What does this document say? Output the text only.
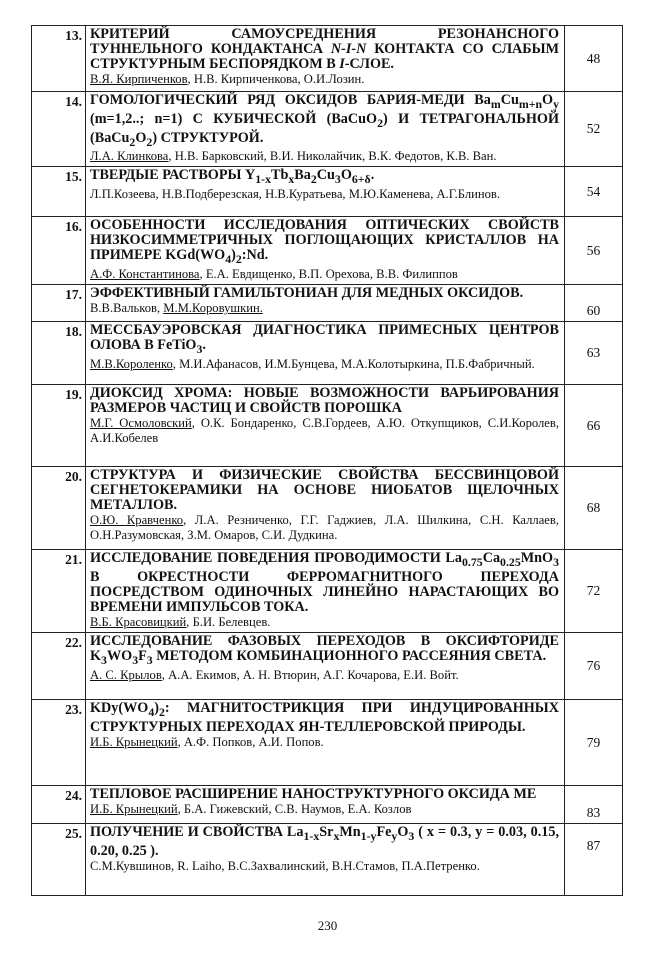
13.	КРИТЕРИЙ САМОУСРЕДНЕНИЯ РЕЗОНАНСНОГО ТУННЕЛЬНОГО КОНДАКТАНСА N-I-N КОНТАКТА СО СЛАБЫМ СТРУКТУРНЫМ БЕСПОРЯДКОМ В I-СЛОЕ.

В.Я. Кирпиченков, Н.В. Кирпиченкова, О.И.Лозин.	48
14.	ГОМОЛОГИЧЕСКИЙ РЯД ОКСИДОВ БАРИЯ-МЕДИ $Ba_mCu_{m+n}O_y$ (m=1,2..; n=1) С КУБИЧЕСКОЙ (BaCuO$_2$) И ТЕТРАГОНАЛЬНОЙ $(BaCu_2O_2)$ СТРУКТУРОЙ.

Л.А. Клинкова, Н.В. Барковский, В.И. Николайчик, В.К. Федотов, К.В. Ван.	52
15.	ТВЕРДЫЕ РАСТВОРЫ $Y_{1-x}Tb_xBa_2Cu_3O_{6+\delta}$.

Л.П.Козеева, Н.В.Подберезская, Н.В.Куратьева, М.Ю.Каменева, А.Г.Блинов.	54
16.	ОСОБЕННОСТИ ИССЛЕДОВАНИЯ ОПТИЧЕСКИХ СВОЙСТВ НИЗКОСИММЕТРИЧНЫХ ПОГЛОЩАЮЩИХ КРИСТАЛЛОВ НА ПРИМЕРЕ $KGd(WO_4)_2:Nd$.

А.Ф. Константинова, Е.А. Евдищенко, В.П. Орехова, В.В. Филиппов	56
17.	ЭФФЕКТИВНЫЙ ГАМИЛЬТОНИАН ДЛЯ МЕДНЫХ ОКСИДОВ.

В.В.Вальков, М.М.Коровушкин.	60
18.	МЕССБАУЭРОВСКАЯ ДИАГНОСТИКА ПРИМЕСНЫХ ЦЕНТРОВ ОЛОВА В FeTiO$_3$.

М.В.Короленко, М.И.Афанасов, И.М.Бунцева, М.А.Колотыркина, П.Б.Фабричный.	63
19.	ДИОКСИД ХРОМА: НОВЫЕ ВОЗМОЖНОСТИ ВАРЬИРОВАНИЯ РАЗМЕРОВ ЧАСТИЦ И СВОЙСТВ ПОРОШКА

М.Г. Осмоловский, О.К. Бондаренко, С.В.Гордеев, А.Ю. Откупщиков, С.И.Королев, А.И.Кобелев	66
20.	СТРУКТУРА И ФИЗИЧЕСКИЕ СВОЙСТВА БЕССВИНЦОВОЙ СЕГНЕТОКЕРАМИКИ НА ОСНОВЕ НИОБАТОВ ЩЕЛОЧНЫХ МЕТАЛЛОВ.

О.Ю. Кравченко, Л.А. Резниченко, Г.Г. Гаджиев, Л.А. Шилкина, С.Н. Каллаев, О.Н.Разумовская, З.М. Омаров, С.И. Дудкина.	68
21.	ИССЛЕДОВАНИЕ ПОВЕДЕНИЯ ПРОВОДИМОСТИ $La_{0.75}Ca_{0.25}MnO_3$ В ОКРЕСТНОСТИ ФЕРРОМАГНИТНОГО ПЕРЕХОДА ПОСРЕДСТВОМ ОДИНОЧНЫХ ЛИНЕЙНО НАРАСТАЮЩИХ ВО ВРЕМЕНИ ИМПУЛЬСОВ ТОКА.

В.Б. Красовицкий, Б.И. Белевцев.	72
22.	ИССЛЕДОВАНИЕ ФАЗОВЫХ ПЕРЕХОДОВ В ОКСИФТОРИДЕ $K_3WO_3F_3$ МЕТОДОМ КОМБИНАЦИОННОГО РАССЕЯНИЯ СВЕТА.

А. С. Крылов, А.А. Екимов, А. Н. Втюрин, А.Г. Кочарова, Е.И. Войт.	76
23.	$KDy(WO_4)_2$: МАГНИТОСТРИКЦИЯ ПРИ ИНДУЦИРОВАННЫХ СТРУКТУРНЫХ ПЕРЕХОДАХ ЯН-ТЕЛЛЕРОВСКОЙ ПРИРОДЫ.

И.Б. Крынецкий, А.Ф. Попков, А.И. Попов.	79
24.	ТЕПЛОВОЕ РАСШИРЕНИЕ НАНОСТРУКТУРНОГО ОКСИДА МЕ

И.Б. Крынецкий, Б.А. Гижевский, С.В. Наумов, Е.А. Козлов	83
25.	ПОЛУЧЕНИЕ И СВОЙСТВА $La_{1-x}Sr_xMn_{1-y}Fe_yO_3$ ( x = 0.3, y = 0.03, 0.15, 0.20, 0.25 ).

С.М.Кувшинов, R. Laiho, В.С.Захвалинский, В.Н.Стамов, П.А.Петренко.	87
230
